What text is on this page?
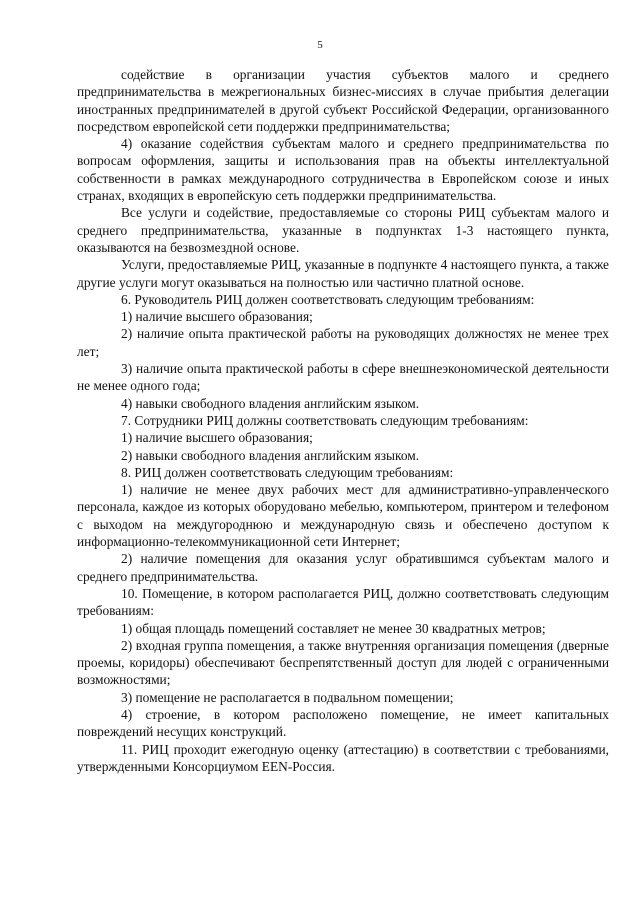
5

содействие в организации участия субъектов малого и среднего предпринимательства в межрегиональных бизнес-миссиях в случае прибытия делегации иностранных предпринимателей в другой субъект Российской Федерации, организованного посредством европейской сети поддержки предпринимательства;

4) оказание содействия субъектам малого и среднего предпринимательства по вопросам оформления, защиты и использования прав на объекты интеллектуальной собственности в рамках международного сотрудничества в Европейском союзе и иных странах, входящих в европейскую сеть поддержки предпринимательства.

Все услуги и содействие, предоставляемые со стороны РИЦ субъектам малого и среднего предпринимательства, указанные в подпунктах 1-3 настоящего пункта, оказываются на безвозмездной основе.

Услуги, предоставляемые РИЦ, указанные в подпункте 4 настоящего пункта, а также другие услуги могут оказываться на полностью или частично платной основе.

6. Руководитель РИЦ должен соответствовать следующим требованиям:

1) наличие высшего образования;

2) наличие опыта практической работы на руководящих должностях не менее трех лет;

3) наличие опыта практической работы в сфере внешнеэкономической деятельности не менее одного года;

4) навыки свободного владения английским языком.

7. Сотрудники РИЦ должны соответствовать следующим требованиям:

1) наличие высшего образования;

2) навыки свободного владения английским языком.

8. РИЦ должен соответствовать следующим требованиям:

1) наличие не менее двух рабочих мест для административно-управленческого персонала, каждое из которых оборудовано мебелью, компьютером, принтером и телефоном с выходом на междугороднюю и международную связь и обеспечено доступом к информационно-телекоммуникационной сети Интернет;

2) наличие помещения для оказания услуг обратившимся субъектам малого и среднего предпринимательства.

10. Помещение, в котором располагается РИЦ, должно соответствовать следующим требованиям:

1) общая площадь помещений составляет не менее 30 квадратных метров;

2) входная группа помещения, а также внутренняя организация помещения (дверные проемы, коридоры) обеспечивают беспрепятственный доступ для людей с ограниченными возможностями;

3) помещение не располагается в подвальном помещении;

4) строение, в котором расположено помещение, не имеет капитальных повреждений несущих конструкций.

11. РИЦ проходит ежегодную оценку (аттестацию) в соответствии с требованиями, утвержденными Консорциумом EEN-Россия.
